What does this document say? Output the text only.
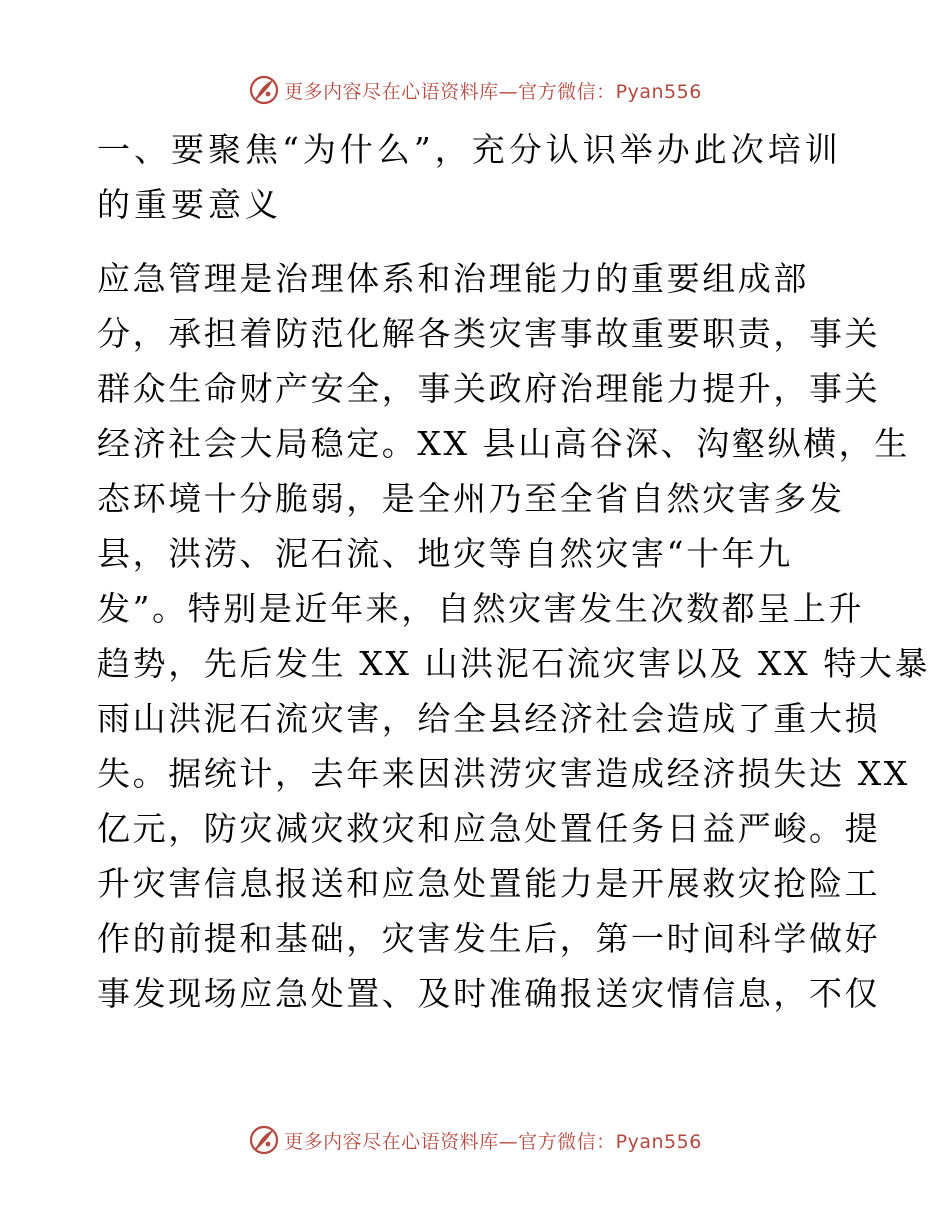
更多内容尽在心语资料库—官方微信：Pyan556
一、要聚焦“为什么”，充分认识举办此次培训
的重要意义
应急管理是治理体系和治理能力的重要组成部
分，承担着防范化解各类灾害事故重要职责，事关
群众生命财产安全，事关政府治理能力提升，事关
经济社会大局稳定。XX 县山高谷深、沟壑纵横，生
态环境十分脆弱，是全州乃至全省自然灾害多发
县，洪涝、泥石流、地灾等自然灾害“十年九
发”。特别是近年来，自然灾害发生次数都呈上升
趋势，先后发生 XX 山洪泥石流灾害以及 XX 特大暴
雨山洪泥石流灾害，给全县经济社会造成了重大损
失。据统计，去年来因洪涝灾害造成经济损失达 XX
亿元，防灾减灾救灾和应急处置任务日益严峻。提
升灾害信息报送和应急处置能力是开展救灾抢险工
作的前提和基础，灾害发生后，第一时间科学做好
事发现场应急处置、及时准确报送灾情信息，不仅
更多内容尽在心语资料库—官方微信：Pyan556
